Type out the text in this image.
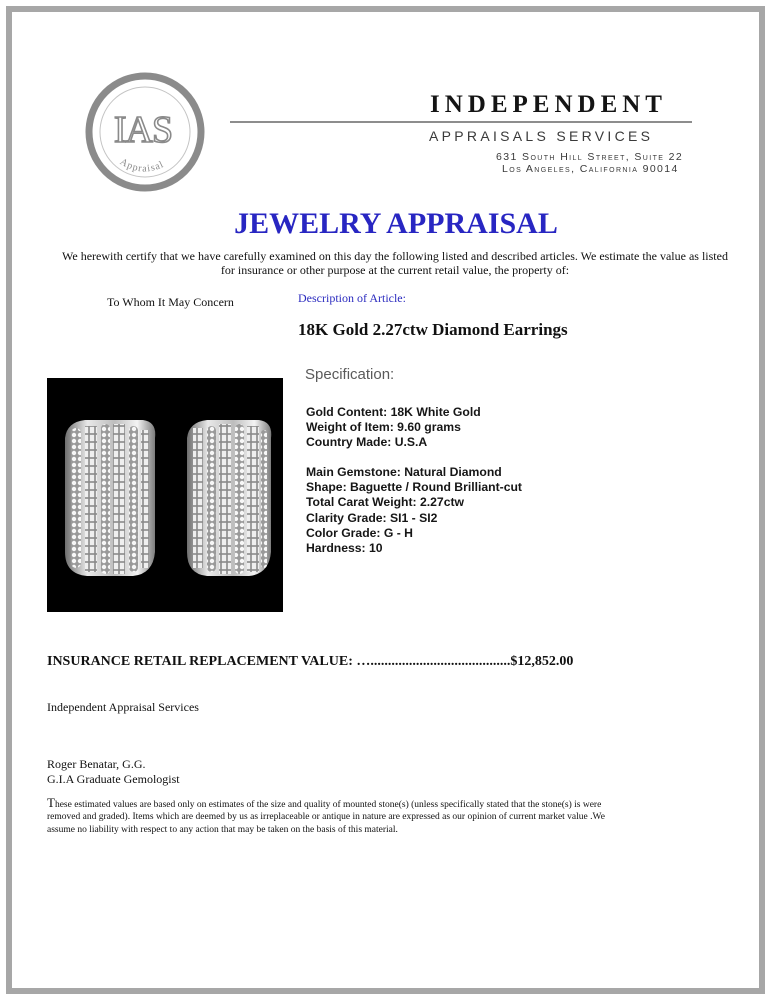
IAS
Appraisal
INDEPENDENT
APPRAISALS SERVICES
631 South Hill Street, Suite 22
Los Angeles, California 90014
JEWELRY APPRAISAL
We herewith certify that we have carefully examined on this day the following listed and described articles. We estimate the value as listed for insurance or other purpose at the current retail value, the property of:
To Whom It May Concern	Description of Article:
18K Gold 2.27ctw Diamond Earrings
Specification:
Gold Content: 18K White Gold
Weight of Item: 9.60 grams
Country Made: U.S.A
Main Gemstone: Natural Diamond
Shape: Baguette / Round Brilliant-cut
Total Carat Weight: 2.27ctw
Clarity Grade: SI1 - SI2
Color Grade: G - H
Hardness: 10
INSURANCE RETAIL REPLACEMENT VALUE: …........................................$12,852.00
Independent Appraisal Services
Roger Benatar, G.G.
G.I.A Graduate Gemologist
These estimated values are based only on estimates of the size and quality of mounted stone(s) (unless specifically stated that the stone(s) is were removed and graded). Items which are deemed by us as irreplaceable or antique in nature are expressed as our opinion of current market value .We assume no liability with respect to any action that may be taken on the basis of this material.
